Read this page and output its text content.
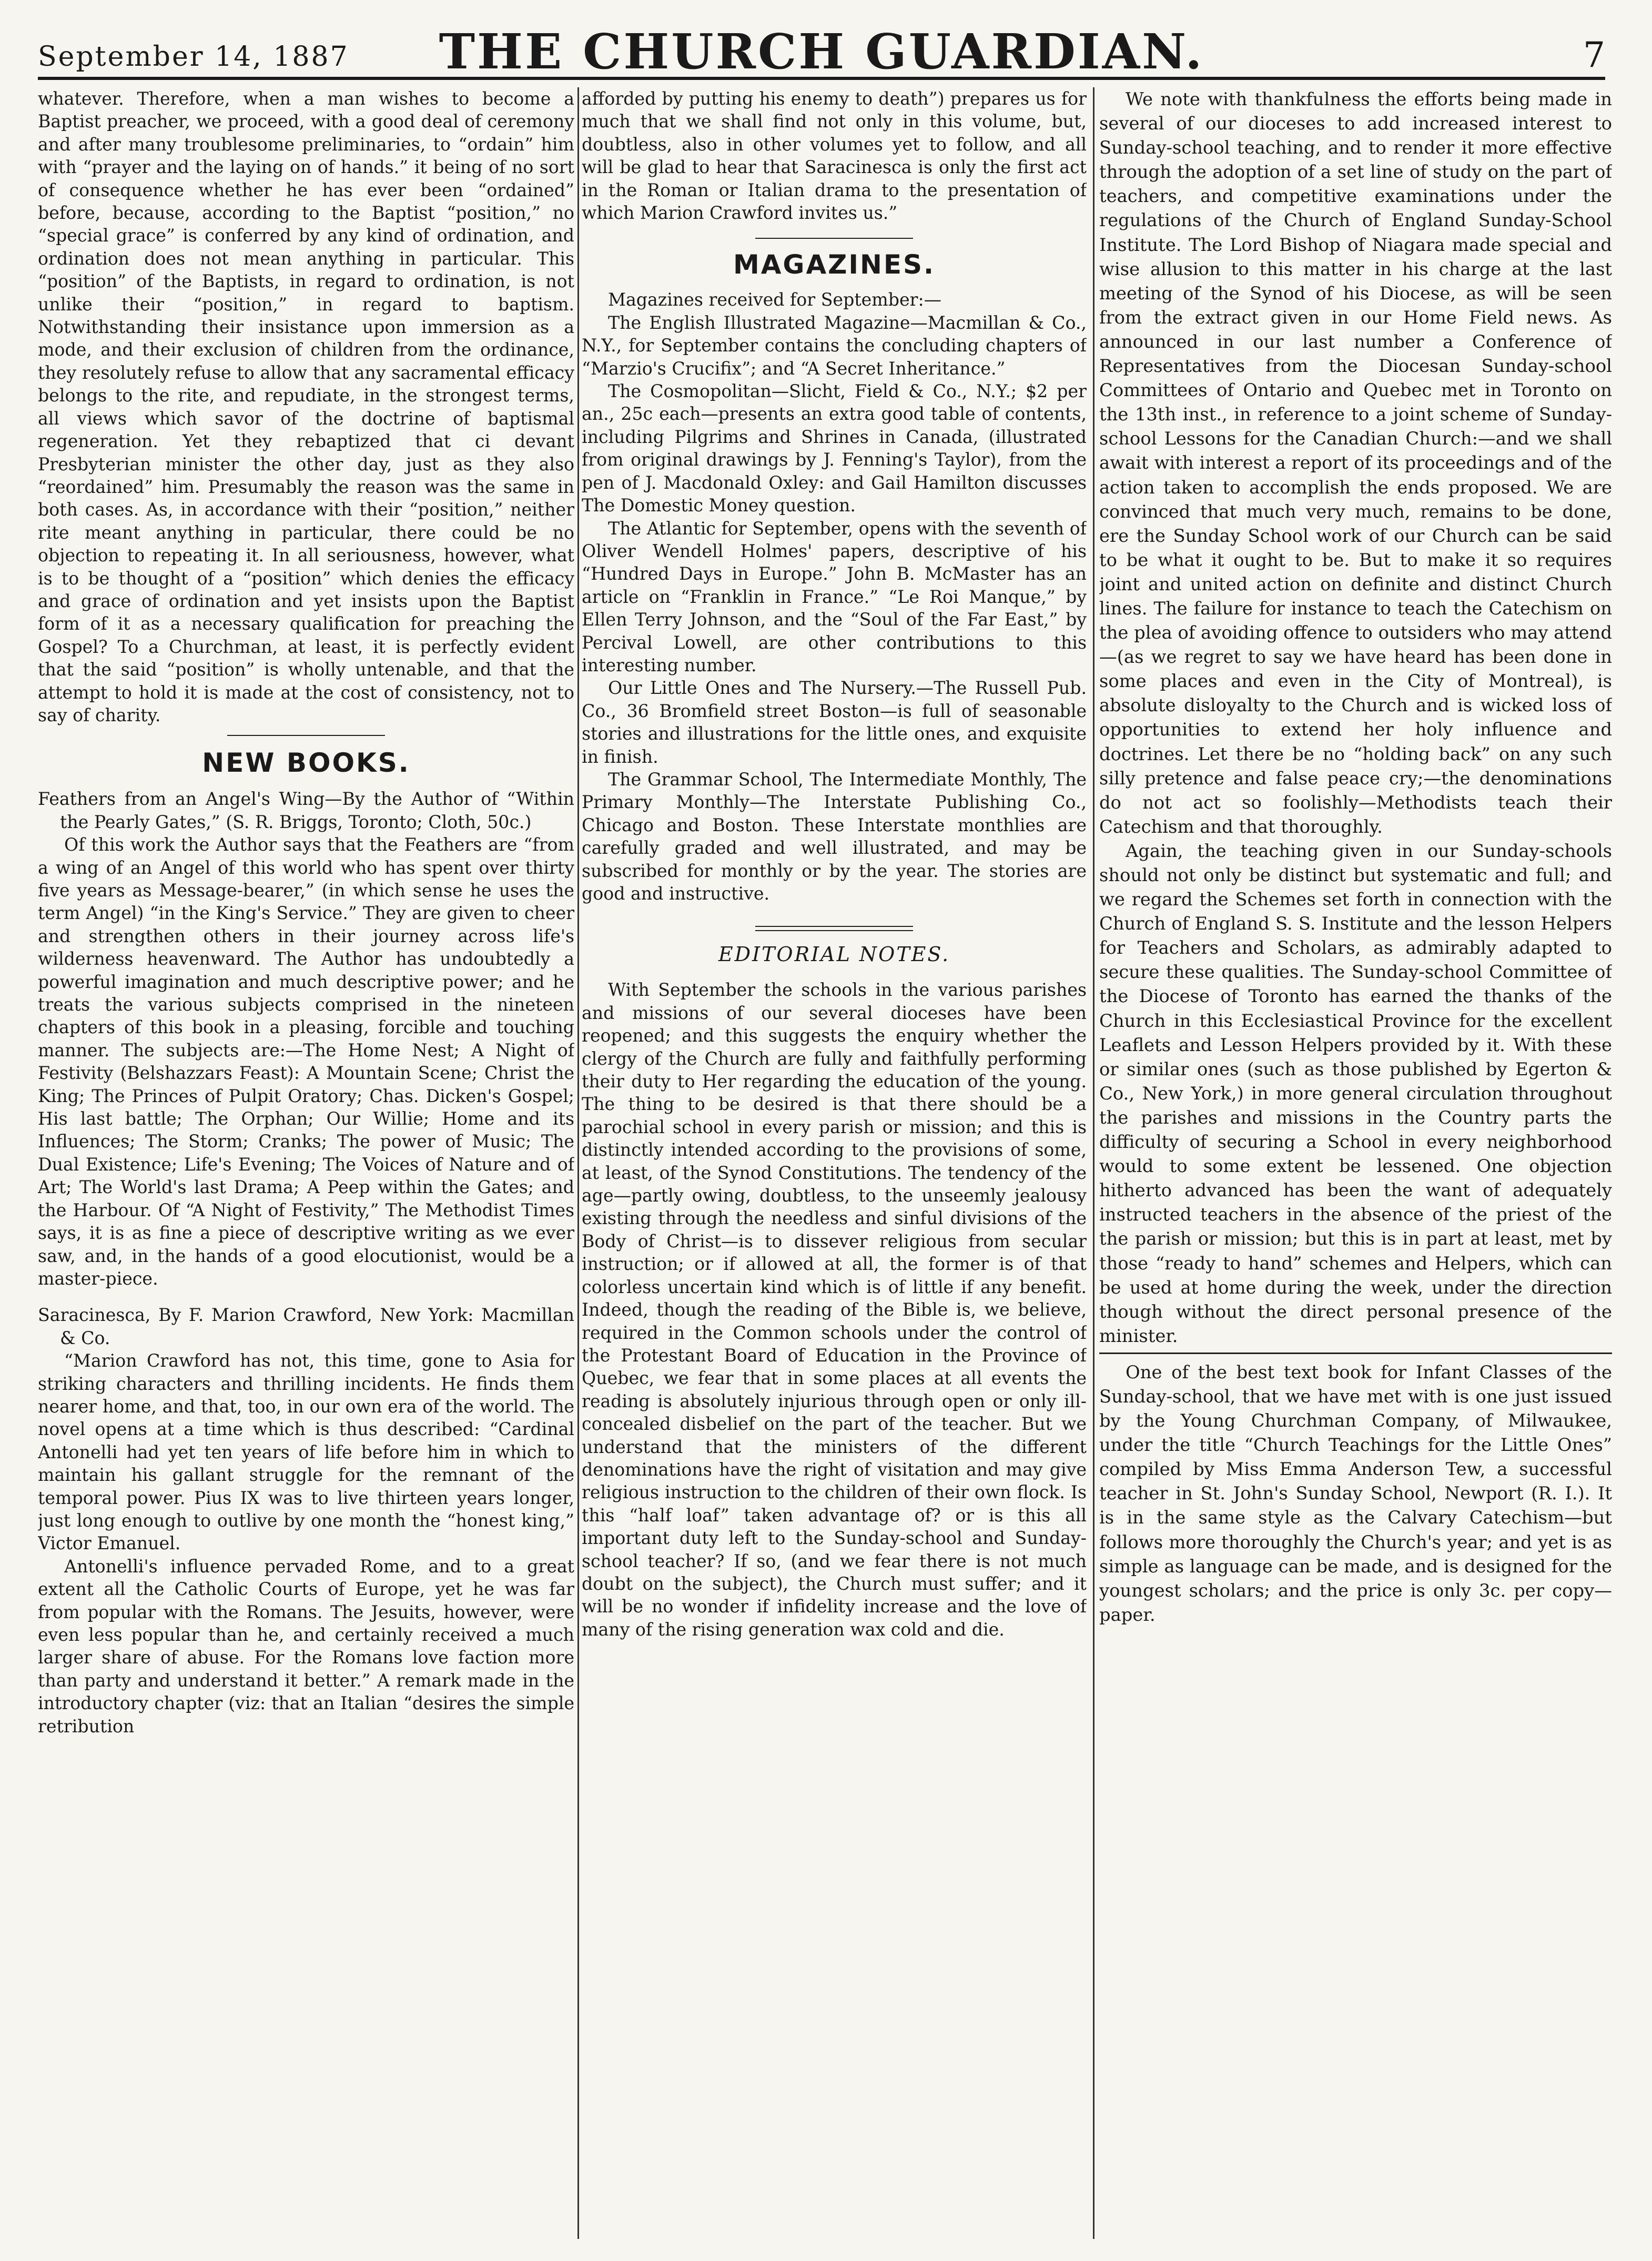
September 14, 1887	THE CHURCH GUARDIAN.	7

whatever. Therefore, when a man wishes to become a Baptist preacher, we proceed, with a good deal of ceremony and after many troublesome preliminaries, to “ordain” him with “prayer and the laying on of hands.” it being of no sort of consequence whether he has ever been “ordained” before, because, according to the Baptist “position,” no “special grace” is conferred by any kind of ordination, and ordination does not mean anything in particular. This “position” of the Baptists, in regard to ordination, is not unlike their “position,” in regard to baptism. Notwithstanding their insistance upon immersion as a mode, and their exclusion of children from the ordinance, they resolutely refuse to allow that any sacramental efficacy belongs to the rite, and repudiate, in the strongest terms, all views which savor of the doctrine of baptismal regeneration. Yet they rebaptized that ci devant Presbyterian minister the other day, just as they also “reordained” him. Presumably the reason was the same in both cases. As, in accordance with their “position,” neither rite meant anything in particular, there could be no objection to repeating it. In all seriousness, however, what is to be thought of a “position” which denies the efficacy and grace of ordination and yet insists upon the Baptist form of it as a necessary qualification for preaching the Gospel? To a Churchman, at least, it is perfectly evident that the said “position” is wholly untenable, and that the attempt to hold it is made at the cost of consistency, not to say of charity.

NEW BOOKS.

Feathers from an Angel's Wing—By the Author of “Within the Pearly Gates,” (S. R. Briggs, Toronto; Cloth, 50c.)

Of this work the Author says that the Feathers are “from a wing of an Angel of this world who has spent over thirty five years as Message-bearer,” (in which sense he uses the term Angel) “in the King's Service.” They are given to cheer and strengthen others in their journey across life's wilderness heavenward. The Author has undoubtedly a powerful imagination and much descriptive power; and he treats the various subjects comprised in the nineteen chapters of this book in a pleasing, forcible and touching manner. The subjects are:—The Home Nest; A Night of Festivity (Belshazzars Feast): A Mountain Scene; Christ the King; The Princes of Pulpit Oratory; Chas. Dicken's Gospel; His last battle; The Orphan; Our Willie; Home and its Influences; The Storm; Cranks; The power of Music; The Dual Existence; Life's Evening; The Voices of Nature and of Art; The World's last Drama; A Peep within the Gates; and the Harbour. Of “A Night of Festivity,” The Methodist Times says, it is as fine a piece of descriptive writing as we ever saw, and, in the hands of a good elocutionist, would be a master-piece.

Saracinesca, By F. Marion Crawford, New York: Macmillan & Co.

“Marion Crawford has not, this time, gone to Asia for striking characters and thrilling incidents. He finds them nearer home, and that, too, in our own era of the world. The novel opens at a time which is thus described: “Cardinal Antonelli had yet ten years of life before him in which to maintain his gallant struggle for the remnant of the temporal power. Pius IX was to live thirteen years longer, just long enough to outlive by one month the “honest king,” Victor Emanuel.

Antonelli's influence pervaded Rome, and to a great extent all the Catholic Courts of Europe, yet he was far from popular with the Romans. The Jesuits, however, were even less popular than he, and certainly received a much larger share of abuse. For the Romans love faction more than party and understand it better.” A remark made in the introductory chapter (viz: that an Italian “desires the simple retribution

afforded by putting his enemy to death”) prepares us for much that we shall find not only in this volume, but, doubtless, also in other volumes yet to follow, and all will be glad to hear that Saracinesca is only the first act in the Roman or Italian drama to the presentation of which Marion Crawford invites us.”

MAGAZINES.

Magazines received for September:—

The English Illustrated Magazine—Macmillan & Co., N.Y., for September contains the concluding chapters of “Marzio's Crucifix”; and “A Secret Inheritance.”

The Cosmopolitan—Slicht, Field & Co., N.Y.; $2 per an., 25c each—presents an extra good table of contents, including Pilgrims and Shrines in Canada, (illustrated from original drawings by J. Fenning's Taylor), from the pen of J. Macdonald Oxley: and Gail Hamilton discusses The Domestic Money question.

The Atlantic for September, opens with the seventh of Oliver Wendell Holmes' papers, descriptive of his “Hundred Days in Europe.” John B. McMaster has an article on “Franklin in France.” “Le Roi Manque,” by Ellen Terry Johnson, and the “Soul of the Far East,” by Percival Lowell, are other contributions to this interesting number.

Our Little Ones and The Nursery.—The Russell Pub. Co., 36 Bromfield street Boston—is full of seasonable stories and illustrations for the little ones, and exquisite in finish.

The Grammar School, The Intermediate Monthly, The Primary Monthly—The Interstate Publishing Co., Chicago and Boston. These Interstate monthlies are carefully graded and well illustrated, and may be subscribed for monthly or by the year. The stories are good and instructive.

EDITORIAL NOTES.

With September the schools in the various parishes and missions of our several dioceses have been reopened; and this suggests the enquiry whether the clergy of the Church are fully and faithfully performing their duty to Her regarding the education of the young. The thing to be desired is that there should be a parochial school in every parish or mission; and this is distinctly intended according to the provisions of some, at least, of the Synod Constitutions. The tendency of the age—partly owing, doubtless, to the unseemly jealousy existing through the needless and sinful divisions of the Body of Christ—is to dissever religious from secular instruction; or if allowed at all, the former is of that colorless uncertain kind which is of little if any benefit. Indeed, though the reading of the Bible is, we believe, required in the Common schools under the control of the Protestant Board of Education in the Province of Quebec, we fear that in some places at all events the reading is absolutely injurious through open or only ill-concealed disbelief on the part of the teacher. But we understand that the ministers of the different denominations have the right of visitation and may give religious instruction to the children of their own flock. Is this “half loaf” taken advantage of? or is this all important duty left to the Sunday-school and Sunday-school teacher? If so, (and we fear there is not much doubt on the subject), the Church must suffer; and it will be no wonder if infidelity increase and the love of many of the rising generation wax cold and die.

We note with thankfulness the efforts being made in several of our dioceses to add increased interest to Sunday-school teaching, and to render it more effective through the adoption of a set line of study on the part of teachers, and competitive examinations under the regulations of the Church of England Sunday-School Institute. The Lord Bishop of Niagara made special and wise allusion to this matter in his charge at the last meeting of the Synod of his Diocese, as will be seen from the extract given in our Home Field news. As announced in our last number a Conference of Representatives from the Diocesan Sunday-school Committees of Ontario and Quebec met in Toronto on the 13th inst., in reference to a joint scheme of Sunday-school Lessons for the Canadian Church:—and we shall await with interest a report of its proceedings and of the action taken to accomplish the ends proposed. We are convinced that much very much, remains to be done, ere the Sunday School work of our Church can be said to be what it ought to be. But to make it so requires joint and united action on definite and distinct Church lines. The failure for instance to teach the Catechism on the plea of avoiding offence to outsiders who may attend—(as we regret to say we have heard has been done in some places and even in the City of Montreal), is absolute disloyalty to the Church and is wicked loss of opportunities to extend her holy influence and doctrines. Let there be no “holding back” on any such silly pretence and false peace cry;—the denominations do not act so foolishly—Methodists teach their Catechism and that thoroughly.

Again, the teaching given in our Sunday-schools should not only be distinct but systematic and full; and we regard the Schemes set forth in connection with the Church of England S. S. Institute and the lesson Helpers for Teachers and Scholars, as admirably adapted to secure these qualities. The Sunday-school Committee of the Diocese of Toronto has earned the thanks of the Church in this Ecclesiastical Province for the excellent Leaflets and Lesson Helpers provided by it. With these or similar ones (such as those published by Egerton & Co., New York,) in more general circulation throughout the parishes and missions in the Country parts the difficulty of securing a School in every neighborhood would to some extent be lessened. One objection hitherto advanced has been the want of adequately instructed teachers in the absence of the priest of the the parish or mission; but this is in part at least, met by those “ready to hand” schemes and Helpers, which can be used at home during the week, under the direction though without the direct personal presence of the minister.

One of the best text book for Infant Classes of the Sunday-school, that we have met with is one just issued by the Young Churchman Company, of Milwaukee, under the title “Church Teachings for the Little Ones” compiled by Miss Emma Anderson Tew, a successful teacher in St. John's Sunday School, Newport (R. I.). It is in the same style as the Calvary Catechism—but follows more thoroughly the Church's year; and yet is as simple as language can be made, and is designed for the youngest scholars; and the price is only 3c. per copy—paper.
